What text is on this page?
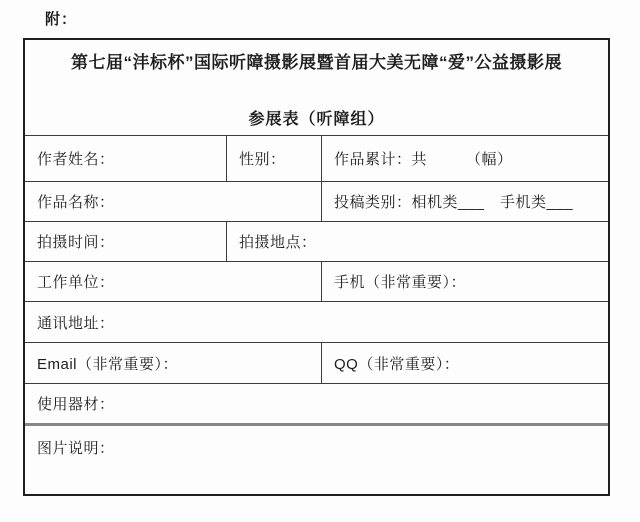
附：
第七届“沣标杯”国际听障摄影展暨首届大美无障“爱”公益摄影展
参展表（听障组）
作者姓名：	性别：	作品累计：共　　　（幅）
作品名称：	投稿类别：相机类___　手机类___
拍摄时间：	拍摄地点：
工作单位：	手机（非常重要）：
通讯地址：
Email（非常重要）：	QQ（非常重要）：
使用器材：
图片说明：
